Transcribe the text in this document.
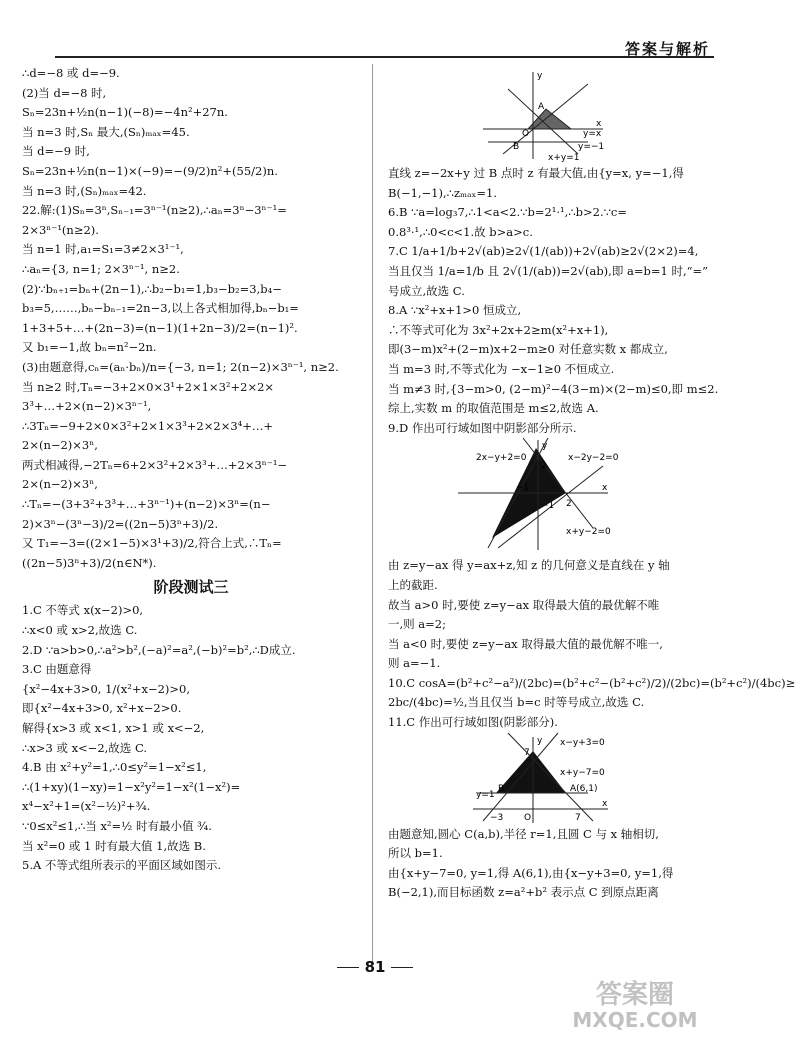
答案与解析
∴d=−8 或 d=−9.
(2)当 d=−8 时,
Sₙ=23n+½n(n−1)(−8)=−4n²+27n.
当 n=3 时,Sₙ 最大,(Sₙ)ₘₐₓ=45.
当 d=−9 时,
Sₙ=23n+½n(n−1)×(−9)=−(9/2)n²+(55/2)n.
当 n=3 时,(Sₙ)ₘₐₓ=42.
22.解:(1)Sₙ=3ⁿ,Sₙ₋₁=3ⁿ⁻¹(n≥2),∴aₙ=3ⁿ−3ⁿ⁻¹=
2×3ⁿ⁻¹(n≥2).
当 n=1 时,a₁=S₁=3≠2×3¹⁻¹,
∴aₙ={3, n=1; 2×3ⁿ⁻¹, n≥2.
(2)∵bₙ₊₁=bₙ+(2n−1),∴b₂−b₁=1,b₃−b₂=3,b₄−
b₃=5,……,bₙ−bₙ₋₁=2n−3,以上各式相加得,bₙ−b₁=
1+3+5+…+(2n−3)=(n−1)(1+2n−3)/2=(n−1)².
又 b₁=−1,故 bₙ=n²−2n.
(3)由题意得,cₙ=(aₙ·bₙ)/n={−3, n=1; 2(n−2)×3ⁿ⁻¹, n≥2.
当 n≥2 时,Tₙ=−3+2×0×3¹+2×1×3²+2×2×
3³+…+2×(n−2)×3ⁿ⁻¹,
∴3Tₙ=−9+2×0×3²+2×1×3³+2×2×3⁴+…+
2×(n−2)×3ⁿ,
两式相减得,−2Tₙ=6+2×3²+2×3³+…+2×3ⁿ⁻¹−
2×(n−2)×3ⁿ,
∴Tₙ=−(3+3²+3³+…+3ⁿ⁻¹)+(n−2)×3ⁿ=(n−
2)×3ⁿ−(3ⁿ−3)/2=((2n−5)3ⁿ+3)/2.
又 T₁=−3=((2×1−5)×3¹+3)/2,符合上式,∴Tₙ=
((2n−5)3ⁿ+3)/2(n∈N*).
阶段测试三
1.C 不等式 x(x−2)>0,
∴x<0 或 x>2,故选 C.
2.D ∵a>b>0,∴a²>b²,(−a)²=a²,(−b)²=b²,∴D成立.
3.C 由题意得
{x²−4x+3>0, 1/(x²+x−2)>0,
即{x²−4x+3>0, x²+x−2>0.
解得{x>3 或 x<1, x>1 或 x<−2,
∴x>3 或 x<−2,故选 C.
4.B 由 x²+y²=1,∴0≤y²=1−x²≤1,
∴(1+xy)(1−xy)=1−x²y²=1−x²(1−x²)=
x⁴−x²+1=(x²−½)²+¾.
∵0≤x²≤1,∴当 x²=½ 时有最小值 ¾.
当 x²=0 或 1 时有最大值 1,故选 B.
5.A 不等式组所表示的平面区域如图示.
y
x
A
O
B
y=x
y=−1
x+y=1
直线 z=−2x+y 过 B 点时 z 有最大值,由{y=x, y=−1,得
B(−1,−1),∴zₘₐₓ=1.
6.B ∵a=log₃7,∴1<a<2.∵b=2¹·¹,∴b>2.∵c=
0.8³·¹,∴0<c<1.故 b>a>c.
7.C 1/a+1/b+2√(ab)≥2√(1/(ab))+2√(ab)≥2√(2×2)=4,
当且仅当 1/a=1/b 且 2√(1/(ab))=2√(ab),即 a=b=1 时,“=”
号成立,故选 C.
8.A ∵x²+x+1>0 恒成立,
∴不等式可化为 3x²+2x+2≥m(x²+x+1),
即(3−m)x²+(2−m)x+2−m≥0 对任意实数 x 都成立,
当 m=3 时,不等式化为 −x−1≥0 不恒成立.
当 m≠3 时,{3−m>0, (2−m)²−4(3−m)×(2−m)≤0,即 m≤2.
综上,实数 m 的取值范围是 m≤2,故选 A.
9.D 作出可行域如图中阴影部分所示.
2x−y+2=0	x−2y−2=0
x+y−2=0
y
x
2
−1
−1 2
由 z=y−ax 得 y=ax+z,知 z 的几何意义是直线在 y 轴
上的截距.
故当 a>0 时,要使 z=y−ax 取得最大值的最优解不唯
一,则 a=2;
当 a<0 时,要使 z=y−ax 取得最大值的最优解不唯一,
则 a=−1.
10.C cosA=(b²+c²−a²)/(2bc)=(b²+c²−(b²+c²)/2)/(2bc)=(b²+c²)/(4bc)≥
2bc/(4bc)=½,当且仅当 b=c 时等号成立,故选 C.
11.C 作出可行域如图(阴影部分).
y x−y+3=0
x+y−7=0
y=1
B	A(6,1)
7
−3 O	7
x
由题意知,圆心 C(a,b),半径 r=1,且圆 C 与 x 轴相切,
所以 b=1.
由{x+y−7=0, y=1,得 A(6,1),由{x−y+3=0, y=1,得
B(−2,1),而目标函数 z=a²+b² 表示点 C 到原点距离
81
答案圈
MXQE.COM
